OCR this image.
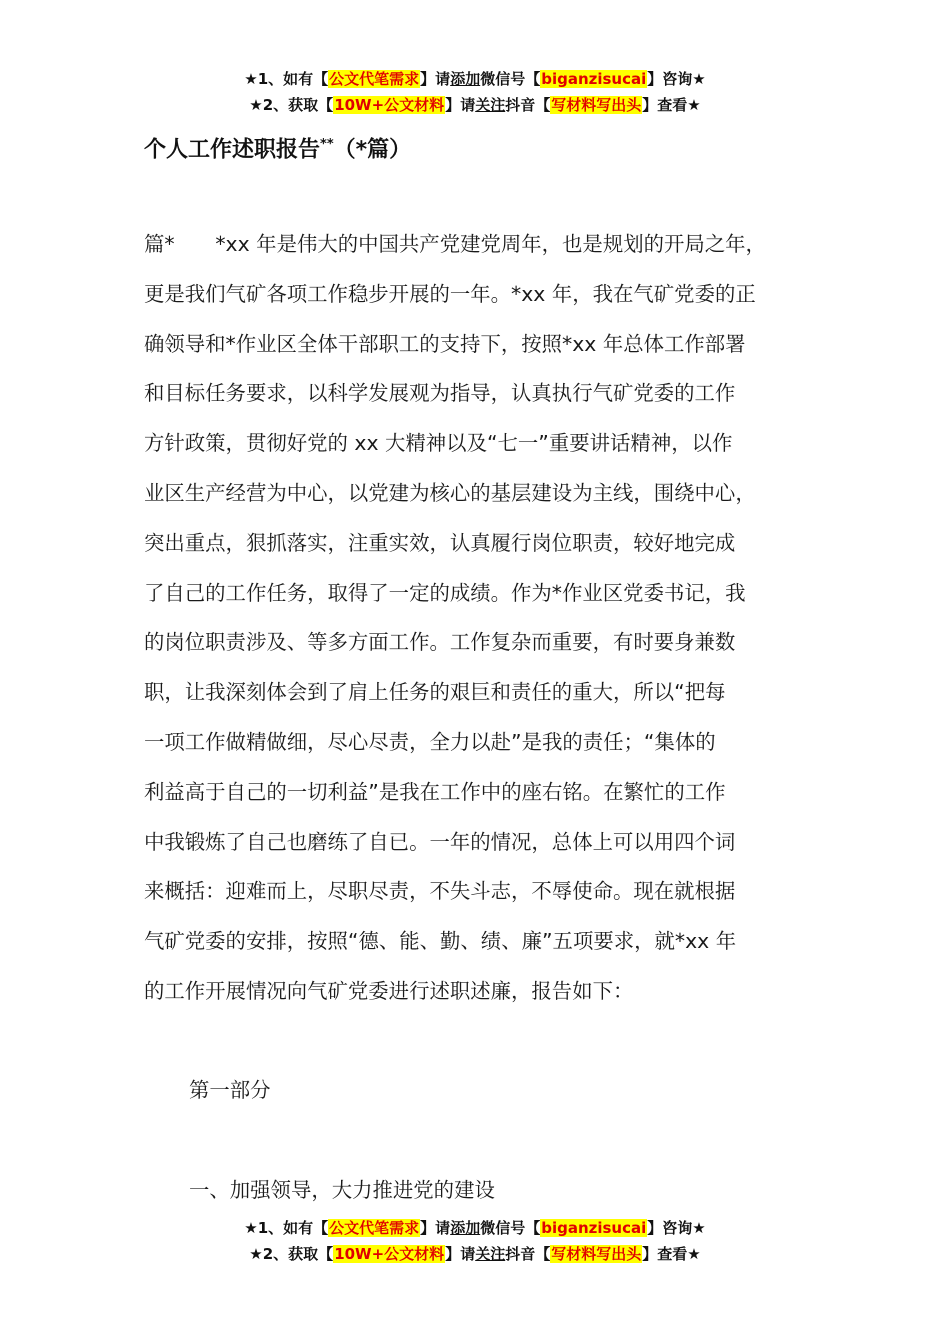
★1、如有【公文代笔需求】请添加微信号【biganzisucai】咨询★
★2、获取【10W+公文材料】请关注抖音【写材料写出头】查看★
个人工作述职报告**（*篇）
篇*　　*xx 年是伟大的中国共产党建党周年，也是规划的开局之年，
更是我们气矿各项工作稳步开展的一年。*xx 年，我在气矿党委的正
确领导和*作业区全体干部职工的支持下，按照*xx 年总体工作部署
和目标任务要求，以科学发展观为指导，认真执行气矿党委的工作
方针政策，贯彻好党的 xx 大精神以及“七一”重要讲话精神，以作
业区生产经营为中心，以党建为核心的基层建设为主线，围绕中心，
突出重点，狠抓落实，注重实效，认真履行岗位职责，较好地完成
了自己的工作任务，取得了一定的成绩。作为*作业区党委书记，我
的岗位职责涉及、等多方面工作。工作复杂而重要，有时要身兼数
职，让我深刻体会到了肩上任务的艰巨和责任的重大，所以“把每
一项工作做精做细，尽心尽责，全力以赴”是我的责任；“集体的
利益高于自己的一切利益”是我在工作中的座右铭。在繁忙的工作
中我锻炼了自己也磨练了自已。一年的情况，总体上可以用四个词
来概括：迎难而上，尽职尽责，不失斗志，不辱使命。现在就根据
气矿党委的安排，按照“德、能、勤、绩、廉”五项要求，就*xx 年
的工作开展情况向气矿党委进行述职述廉，报告如下：
第一部分
一、加强领导，大力推进党的建设
★1、如有【公文代笔需求】请添加微信号【biganzisucai】咨询★
★2、获取【10W+公文材料】请关注抖音【写材料写出头】查看★
